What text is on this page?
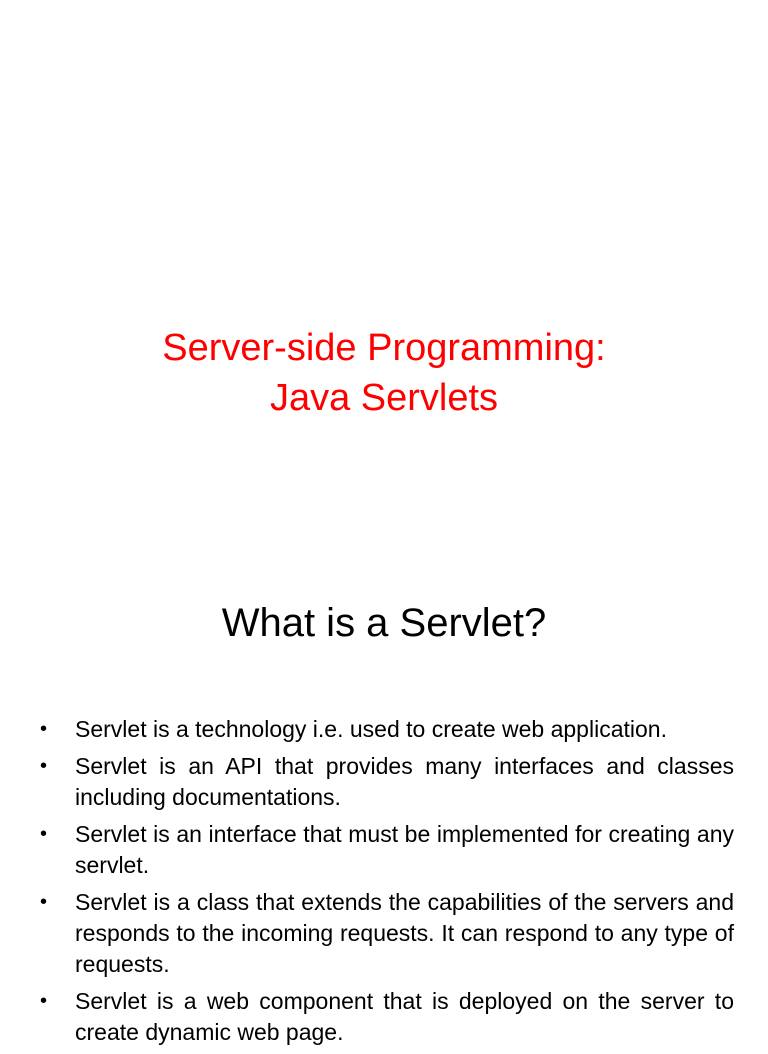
Server-side Programming:
Java Servlets
What is a Servlet?
• Servlet is a technology i.e. used to create web application.
• Servlet is an API that provides many interfaces and classes including documentations.
• Servlet is an interface that must be implemented for creating any servlet.
• Servlet is a class that extends the capabilities of the servers and responds to the incoming requests. It can respond to any type of requests.
• Servlet is a web component that is deployed on the server to create dynamic web page.
